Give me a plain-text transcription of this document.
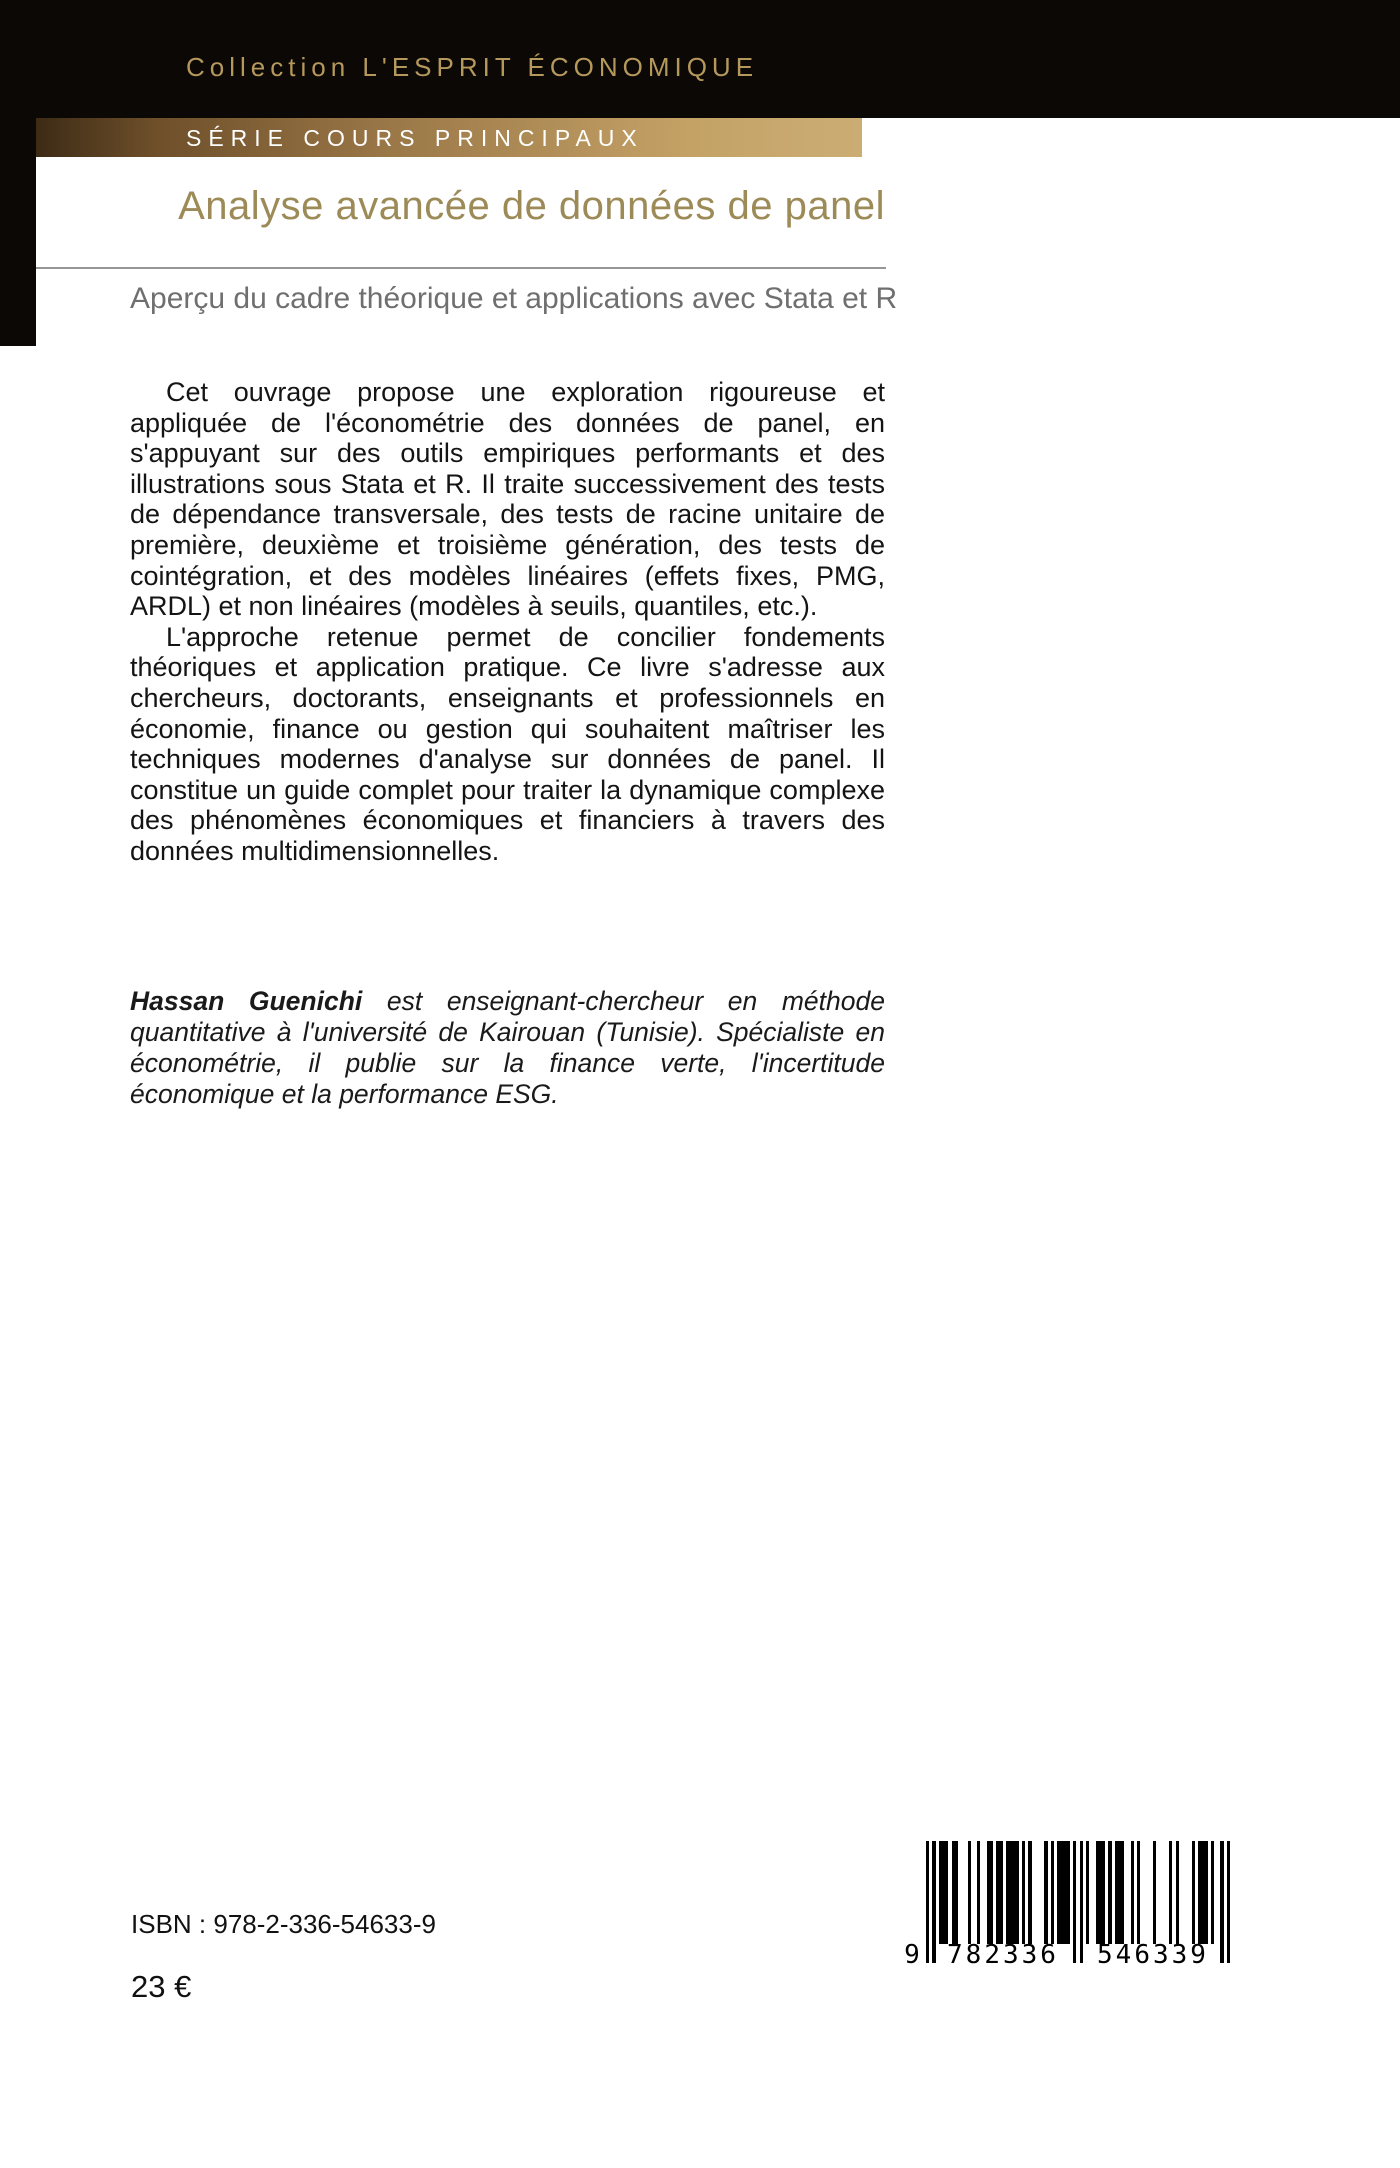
Collection L'ESPRIT ÉCONOMIQUE
SÉRIE COURS PRINCIPAUX
Analyse avancée de données de panel
Aperçu du cadre théorique et applications avec Stata et R

Cet ouvrage propose une exploration rigoureuse et appliquée de l'économétrie des données de panel, en s'appuyant sur des outils empiriques performants et des illustrations sous Stata et R. Il traite successivement des tests de dépendance transversale, des tests de racine unitaire de première, deuxième et troisième génération, des tests de cointégration, et des modèles linéaires (effets fixes, PMG, ARDL) et non linéaires (modèles à seuils, quantiles, etc.).

L'approche retenue permet de concilier fondements théoriques et application pratique. Ce livre s'adresse aux chercheurs, doctorants, enseignants et professionnels en économie, finance ou gestion qui souhaitent maîtriser les techniques modernes d'analyse sur données de panel. Il constitue un guide complet pour traiter la dynamique complexe des phénomènes économiques et financiers à travers des données multidimensionnelles.

Hassan Guenichi est enseignant-chercheur en méthode quantitative à l'université de Kairouan (Tunisie). Spécialiste en économétrie, il publie sur la finance verte, l'incertitude économique et la performance ESG.
ISBN : 978-2-336-54633-9
23 €
9	782336	546339
